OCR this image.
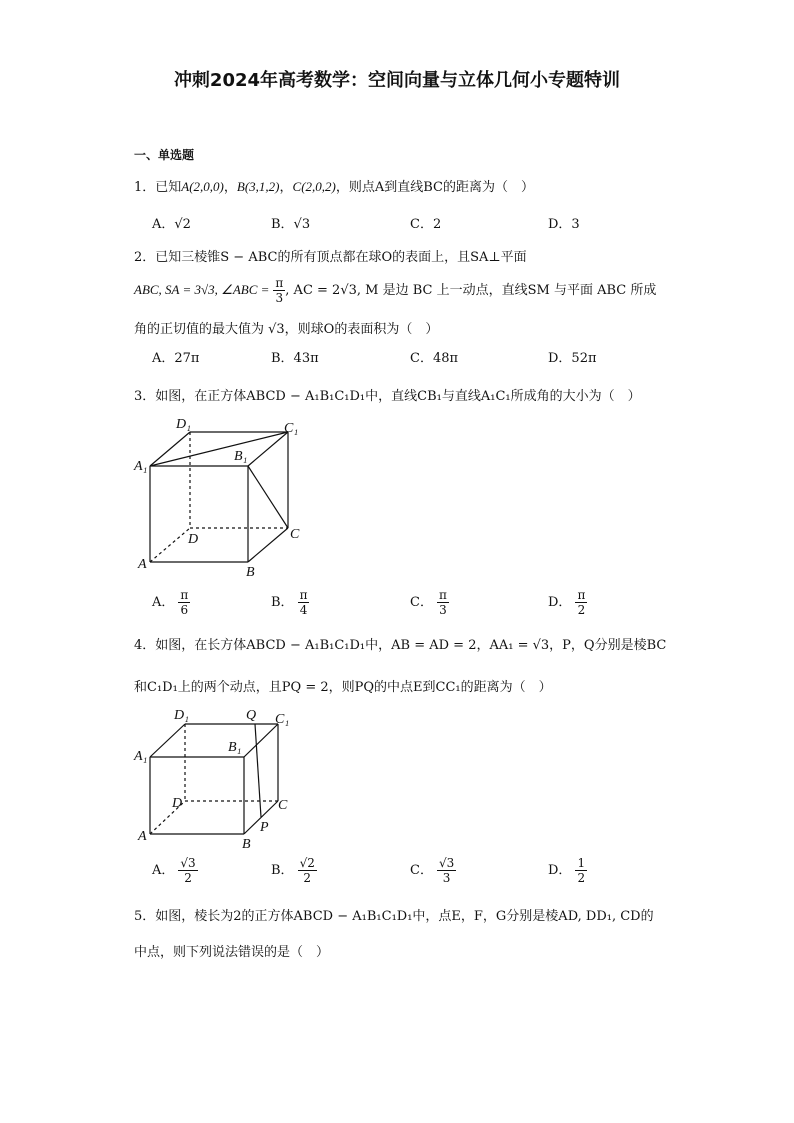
冲刺2024年高考数学：空间向量与立体几何小专题特训
一、单选题
1．已知A(2,0,0)，B(3,1,2)，C(2,0,2)，则点A到直线BC的距离为（　）
A．√2	B．√3	C．2	D．3
2．已知三棱锥S − ABC的所有顶点都在球O的表面上，且SA⊥平面
ABC, SA = 3√3, ∠ABC = $\frac{\pi}{3}$ , AC = 2√3, M 是边 BC 上一动点，直线SM 与平面 ABC 所成
角的正切值的最大值为 √3，则球O的表面积为（　）
A．27π	B．43π	C．48π	D．52π
3．如图，在正方体ABCD − A₁B₁C₁D₁中，直线CB₁与直线A₁C₁所成角的大小为（　）
D₁	C₁
A₁
B₁
D	C
A
B
A． $\frac{\pi}{6}$	B． $\frac{\pi}{4}$	C． $\frac{\pi}{3}$	D． $\frac{\pi}{2}$
4．如图，在长方体ABCD − A₁B₁C₁D₁中，AB = AD = 2，AA₁ = √3，P，Q分别是棱BC
和C₁D₁上的两个动点，且PQ = 2，则PQ的中点E到CC₁的距离为（　）
D₁	Q C₁
A₁
B₁
D	C
P
A
B
A． $\frac{√3}{2}$	B． $\frac{√2}{2}$	C． $\frac{√3}{3}$	D． $\frac{1}{2}$
5．如图，棱长为2的正方体ABCD − A₁B₁C₁D₁中，点E，F，G分别是棱AD, DD₁, CD的
中点，则下列说法错误的是（　）
